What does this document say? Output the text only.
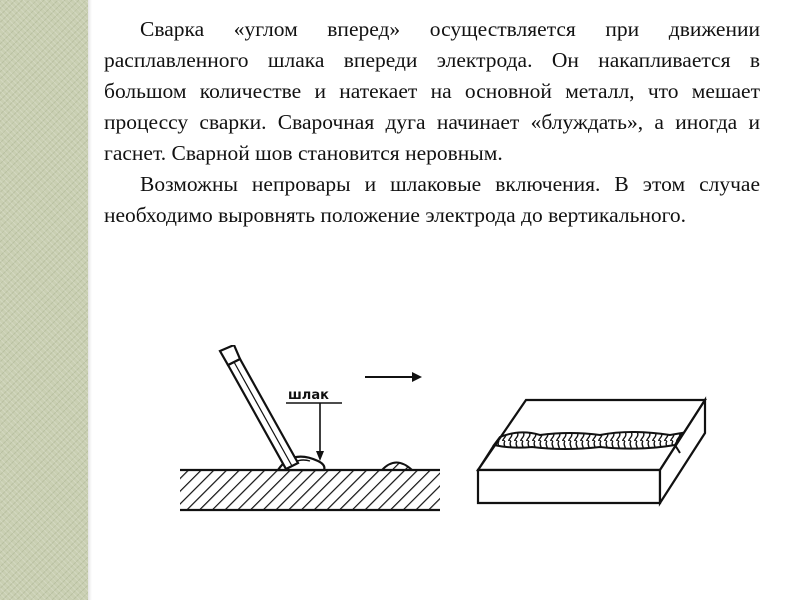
Сварка «углом вперед» осуществляется при движении расплавленного шлака впереди электрода. Он накапливается в большом количестве и натекает на основной металл, что мешает процессу сварки. Сварочная дуга начинает «блуждать», а иногда и гаснет. Сварной шов становится неровным.

Возможны непровары и шлаковые включения. В этом случае необходимо выровнять положение электрода до вертикального.

шлак
